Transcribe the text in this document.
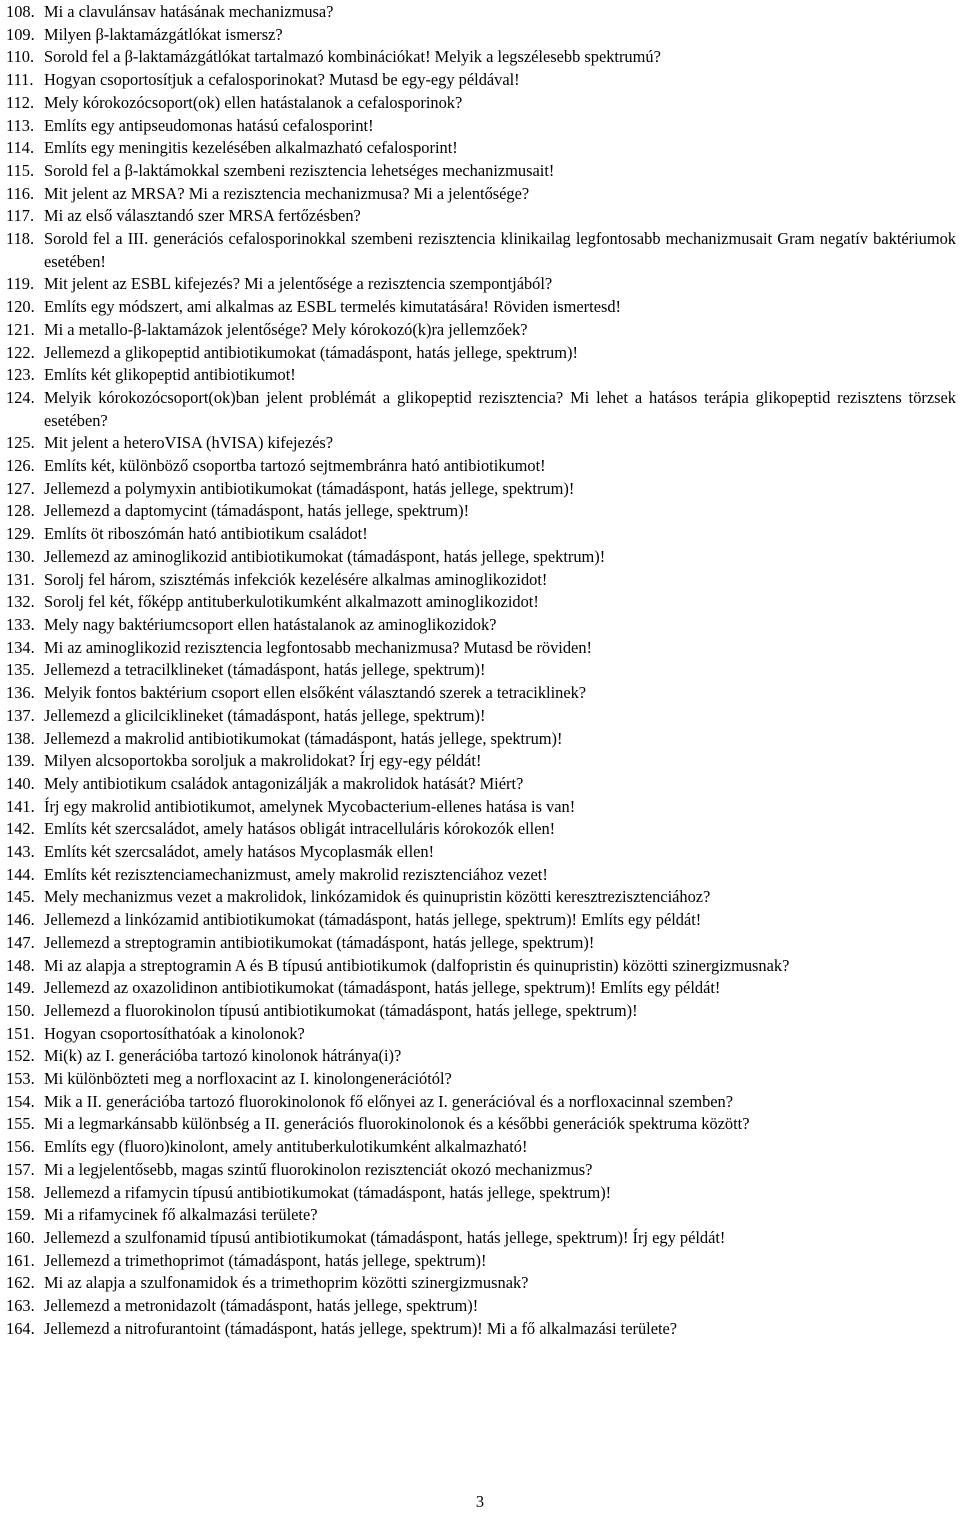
108. Mi a clavulánsav hatásának mechanizmusa?
109. Milyen β-laktamázgátlókat ismersz?
110. Sorold fel a β-laktamázgátlókat tartalmazó kombinációkat! Melyik a legszélesebb spektrumú?
111. Hogyan csoportosítjuk a cefalosporinokat? Mutasd be egy-egy példával!
112. Mely kórokozócsoport(ok) ellen hatástalanok a cefalosporinok?
113. Említs egy antipseudomonas hatású cefalosporint!
114. Említs egy meningitis kezelésében alkalmazható cefalosporint!
115. Sorold fel a β-laktámokkal szembeni rezisztencia lehetséges mechanizmusait!
116. Mit jelent az MRSA? Mi a rezisztencia mechanizmusa? Mi a jelentősége?
117. Mi az első választandó szer MRSA fertőzésben?
118. Sorold fel a III. generációs cefalosporinokkal szembeni rezisztencia klinikailag legfontosabb mechanizmusait Gram negatív baktériumok esetében!
119. Mit jelent az ESBL kifejezés? Mi a jelentősége a rezisztencia szempontjából?
120. Említs egy módszert, ami alkalmas az ESBL termelés kimutatására! Röviden ismertesd!
121. Mi a metallo-β-laktamázok jelentősége? Mely kórokozó(k)ra jellemzőek?
122. Jellemezd a glikopeptid antibiotikumokat (támadáspont, hatás jellege, spektrum)!
123. Említs két glikopeptid antibiotikumot!
124. Melyik kórokozócsoport(ok)ban jelent problémát a glikopeptid rezisztencia? Mi lehet a hatásos terápia glikopeptid rezisztens törzsek esetében?
125. Mit jelent a heteroVISA (hVISA) kifejezés?
126. Említs két, különböző csoportba tartozó sejtmembránra ható antibiotikumot!
127. Jellemezd a polymyxin antibiotikumokat (támadáspont, hatás jellege, spektrum)!
128. Jellemezd a daptomycint (támadáspont, hatás jellege, spektrum)!
129. Említs öt riboszómán ható antibiotikum családot!
130. Jellemezd az aminoglikozid antibiotikumokat (támadáspont, hatás jellege, spektrum)!
131. Sorolj fel három, szisztémás infekciók kezelésére alkalmas aminoglikozidot!
132. Sorolj fel két, főképp antituberkulotikumként alkalmazott aminoglikozidot!
133. Mely nagy baktériumcsoport ellen hatástalanok az aminoglikozidok?
134. Mi az aminoglikozid rezisztencia legfontosabb mechanizmusa? Mutasd be röviden!
135. Jellemezd a tetracilklineket (támadáspont, hatás jellege, spektrum)!
136. Melyik fontos baktérium csoport ellen elsőként választandó szerek a tetraciklinek?
137. Jellemezd a glicilciklineket (támadáspont, hatás jellege, spektrum)!
138. Jellemezd a makrolid antibiotikumokat (támadáspont, hatás jellege, spektrum)!
139. Milyen alcsoportokba soroljuk a makrolidokat? Írj egy-egy példát!
140. Mely antibiotikum családok antagonizálják a makrolidok hatását? Miért?
141. Írj egy makrolid antibiotikumot, amelynek Mycobacterium-ellenes hatása is van!
142. Említs két szercsaládot, amely hatásos obligát intracelluláris kórokozók ellen!
143. Említs két szercsaládot, amely hatásos Mycoplasmák ellen!
144. Említs két rezisztenciamechanizmust, amely makrolid rezisztenciához vezet!
145. Mely mechanizmus vezet a makrolidok, linkózamidok és quinupristin közötti keresztrezisztenciához?
146. Jellemezd a linkózamid antibiotikumokat (támadáspont, hatás jellege, spektrum)! Említs egy példát!
147. Jellemezd a streptogramin antibiotikumokat (támadáspont, hatás jellege, spektrum)!
148. Mi az alapja a streptogramin A és B típusú antibiotikumok (dalfopristin és quinupristin) közötti szinergizmusnak?
149. Jellemezd az oxazolidinon antibiotikumokat (támadáspont, hatás jellege, spektrum)! Említs egy példát!
150. Jellemezd a fluorokinolon típusú antibiotikumokat (támadáspont, hatás jellege, spektrum)!
151. Hogyan csoportosíthatóak a kinolonok?
152. Mi(k) az I. generációba tartozó kinolonok hátránya(i)?
153. Mi különbözteti meg a norfloxacint az I. kinolongenerációtól?
154. Mik a II. generációba tartozó fluorokinolonok fő előnyei az I. generációval és a norfloxacinnal szemben?
155. Mi a legmarkánsabb különbség a II. generációs fluorokinolonok és a későbbi generációk spektruma között?
156. Említs egy (fluoro)kinolont, amely antituberkulotikumként alkalmazható!
157. Mi a legjelentősebb, magas szintű fluorokinolon rezisztenciát okozó mechanizmus?
158. Jellemezd a rifamycin típusú antibiotikumokat (támadáspont, hatás jellege, spektrum)!
159. Mi a rifamycinek fő alkalmazási területe?
160. Jellemezd a szulfonamid típusú antibiotikumokat (támadáspont, hatás jellege, spektrum)! Írj egy példát!
161. Jellemezd a trimethoprimot (támadáspont, hatás jellege, spektrum)!
162. Mi az alapja a szulfonamidok és a trimethoprim közötti szinergizmusnak?
163. Jellemezd a metronidazolt (támadáspont, hatás jellege, spektrum)!
164. Jellemezd a nitrofurantoint (támadáspont, hatás jellege, spektrum)! Mi a fő alkalmazási területe?
3
